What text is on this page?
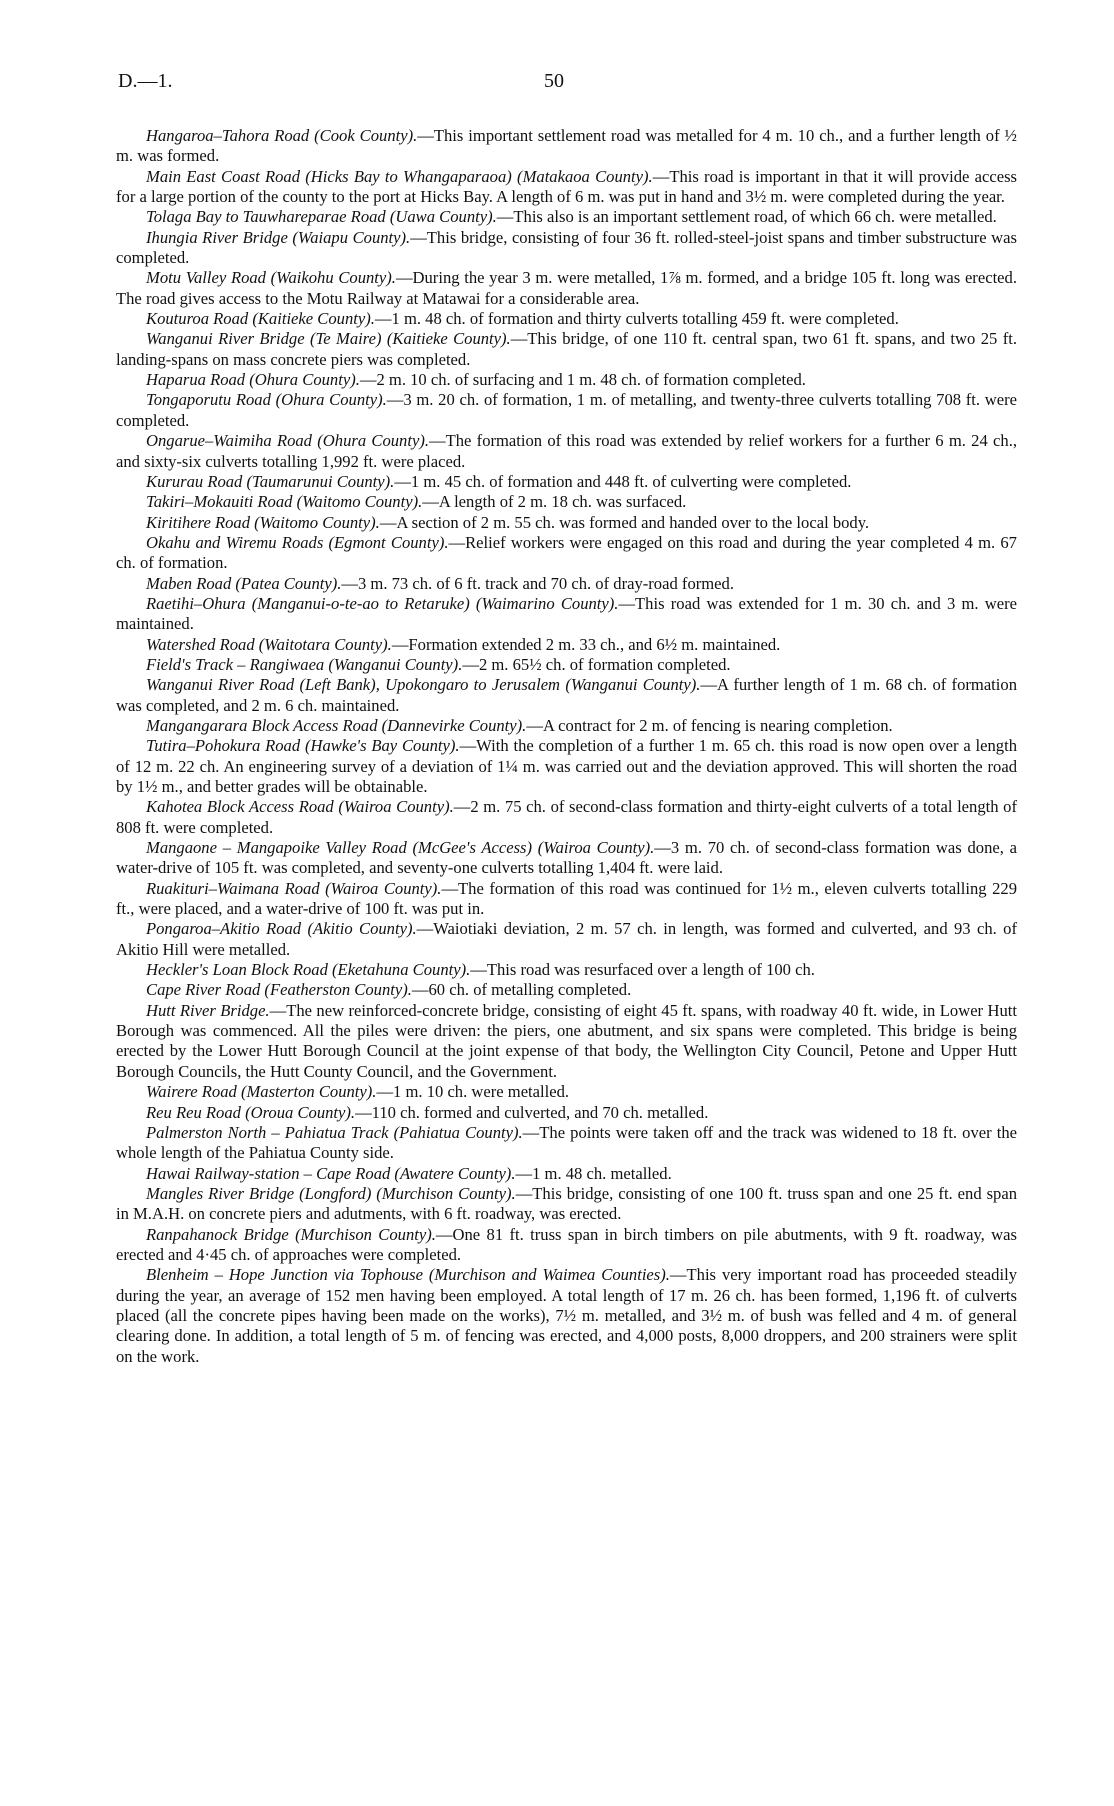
D.—1.	50

Hangaroa–Tahora Road (Cook County).—This important settlement road was metalled for 4 m. 10 ch., and a further length of ½ m. was formed.

Main East Coast Road (Hicks Bay to Whangaparaoa) (Matakaoa County).—This road is important in that it will provide access for a large portion of the county to the port at Hicks Bay. A length of 6 m. was put in hand and 3½ m. were completed during the year.

Tolaga Bay to Tauwhareparae Road (Uawa County).—This also is an important settlement road, of which 66 ch. were metalled.

Ihungia River Bridge (Waiapu County).—This bridge, consisting of four 36 ft. rolled-steel-joist spans and timber substructure was completed.

Motu Valley Road (Waikohu County).—During the year 3 m. were metalled, 1⅞ m. formed, and a bridge 105 ft. long was erected. The road gives access to the Motu Railway at Matawai for a considerable area.

Kouturoa Road (Kaitieke County).—1 m. 48 ch. of formation and thirty culverts totalling 459 ft. were completed.

Wanganui River Bridge (Te Maire) (Kaitieke County).—This bridge, of one 110 ft. central span, two 61 ft. spans, and two 25 ft. landing-spans on mass concrete piers was completed.

Haparua Road (Ohura County).—2 m. 10 ch. of surfacing and 1 m. 48 ch. of formation completed.

Tongaporutu Road (Ohura County).—3 m. 20 ch. of formation, 1 m. of metalling, and twenty-three culverts totalling 708 ft. were completed.

Ongarue–Waimiha Road (Ohura County).—The formation of this road was extended by relief workers for a further 6 m. 24 ch., and sixty-six culverts totalling 1,992 ft. were placed.

Kururau Road (Taumarunui County).—1 m. 45 ch. of formation and 448 ft. of culverting were completed.

Takiri–Mokauiti Road (Waitomo County).—A length of 2 m. 18 ch. was surfaced.

Kiritihere Road (Waitomo County).—A section of 2 m. 55 ch. was formed and handed over to the local body.

Okahu and Wiremu Roads (Egmont County).—Relief workers were engaged on this road and during the year completed 4 m. 67 ch. of formation.

Maben Road (Patea County).—3 m. 73 ch. of 6 ft. track and 70 ch. of dray-road formed.

Raetihi–Ohura (Manganui-o-te-ao to Retaruke) (Waimarino County).—This road was extended for 1 m. 30 ch. and 3 m. were maintained.

Watershed Road (Waitotara County).—Formation extended 2 m. 33 ch., and 6½ m. maintained.

Field's Track – Rangiwaea (Wanganui County).—2 m. 65½ ch. of formation completed.

Wanganui River Road (Left Bank), Upokongaro to Jerusalem (Wanganui County).—A further length of 1 m. 68 ch. of formation was completed, and 2 m. 6 ch. maintained.

Mangangarara Block Access Road (Dannevirke County).—A contract for 2 m. of fencing is nearing completion.

Tutira–Pohokura Road (Hawke's Bay County).—With the completion of a further 1 m. 65 ch. this road is now open over a length of 12 m. 22 ch. An engineering survey of a deviation of 1¼ m. was carried out and the deviation approved. This will shorten the road by 1½ m., and better grades will be obtainable.

Kahotea Block Access Road (Wairoa County).—2 m. 75 ch. of second-class formation and thirty-eight culverts of a total length of 808 ft. were completed.

Mangaone – Mangapoike Valley Road (McGee's Access) (Wairoa County).—3 m. 70 ch. of second-class formation was done, a water-drive of 105 ft. was completed, and seventy-one culverts totalling 1,404 ft. were laid.

Ruakituri–Waimana Road (Wairoa County).—The formation of this road was continued for 1½ m., eleven culverts totalling 229 ft., were placed, and a water-drive of 100 ft. was put in.

Pongaroa–Akitio Road (Akitio County).—Waiotiaki deviation, 2 m. 57 ch. in length, was formed and culverted, and 93 ch. of Akitio Hill were metalled.

Heckler's Loan Block Road (Eketahuna County).—This road was resurfaced over a length of 100 ch.

Cape River Road (Featherston County).—60 ch. of metalling completed.

Hutt River Bridge.—The new reinforced-concrete bridge, consisting of eight 45 ft. spans, with roadway 40 ft. wide, in Lower Hutt Borough was commenced. All the piles were driven: the piers, one abutment, and six spans were completed. This bridge is being erected by the Lower Hutt Borough Council at the joint expense of that body, the Wellington City Council, Petone and Upper Hutt Borough Councils, the Hutt County Council, and the Government.

Wairere Road (Masterton County).—1 m. 10 ch. were metalled.

Reu Reu Road (Oroua County).—110 ch. formed and culverted, and 70 ch. metalled.

Palmerston North – Pahiatua Track (Pahiatua County).—The points were taken off and the track was widened to 18 ft. over the whole length of the Pahiatua County side.

Hawai Railway-station – Cape Road (Awatere County).—1 m. 48 ch. metalled.

Mangles River Bridge (Longford) (Murchison County).—This bridge, consisting of one 100 ft. truss span and one 25 ft. end span in M.A.H. on concrete piers and adutments, with 6 ft. roadway, was erected.

Ranpahanock Bridge (Murchison County).—One 81 ft. truss span in birch timbers on pile abutments, with 9 ft. roadway, was erected and 4·45 ch. of approaches were completed.

Blenheim – Hope Junction via Tophouse (Murchison and Waimea Counties).—This very important road has proceeded steadily during the year, an average of 152 men having been employed. A total length of 17 m. 26 ch. has been formed, 1,196 ft. of culverts placed (all the concrete pipes having been made on the works), 7½ m. metalled, and 3½ m. of bush was felled and 4 m. of general clearing done. In addition, a total length of 5 m. of fencing was erected, and 4,000 posts, 8,000 droppers, and 200 strainers were split on the work.
